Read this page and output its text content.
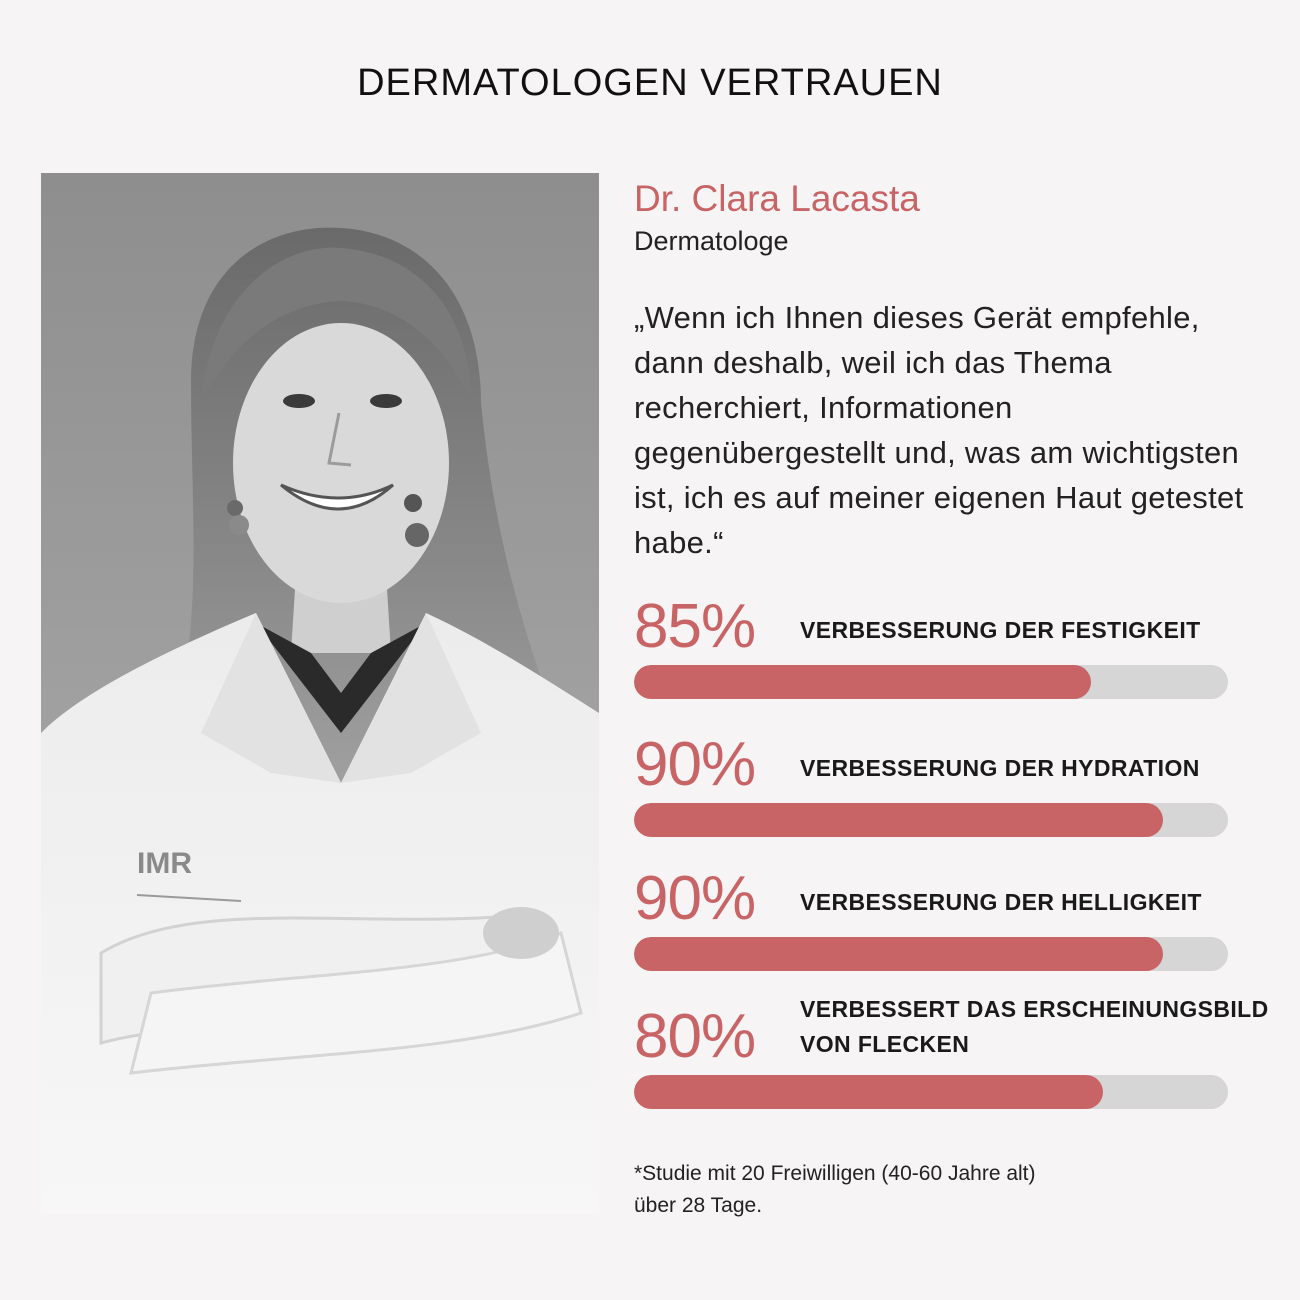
DERMATOLOGEN VERTRAUEN
IMR
Dr. Clara Lacasta

Dermatologe

„Wenn ich Ihnen dieses Gerät empfehle, dann deshalb, weil ich das Thema recherchiert, Informationen gegenübergestellt und, was am wichtigsten ist, ich es auf meiner eigenen Haut getestet habe.“

85% VERBESSERUNG DER FESTIGKEIT
90% VERBESSERUNG DER HYDRATION
90% VERBESSERUNG DER HELLIGKEIT
80% VERBESSERT DAS ERSCHEINUNGSBILD VON FLECKEN

*Studie mit 20 Freiwilligen (40-60 Jahre alt)
über 28 Tage.
